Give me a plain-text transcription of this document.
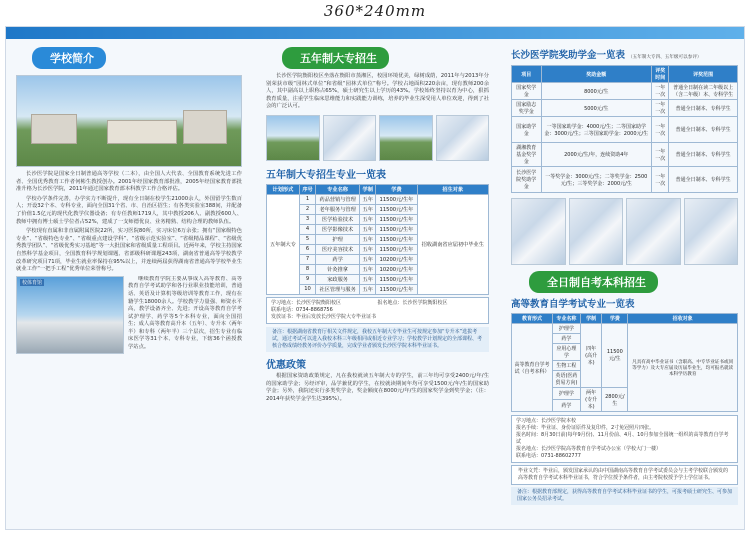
360*240mm
学校简介

长沙医学院是国家全日制普通高等学校（二本），由全国人大代表、全国教育系统先进工作者、全国优秀教育工作者何彬生教授创办。2001年经国家教育部批准，2005年经国家教育部批准升格为长沙医学院，2011年通过国家教育部本科教学工作合格评估。

学校办学条件完善，办学实力不断提升，现有全日制在校学生21000余人，外国留学生数百人；开设32个本、专科专业，面向全国31个省、市、自治区招生；有各类实验室388间，并配备了价值1.5亿元的现代化教学仪器设备；有专任教师1719人，其中教授206人、副教授600人、教师中拥有博士硕士学位者占52%，建成了一支师德优良、业务精熟、结构合理的教师队伍。

学校现有直属和非直属附属医院22所，实习医院80所，实习床位6万余张；拥有“国家级特色专业”、“省级特色专业”、“省级重点建设学科”、“省级示范实验室”、“省级精品课程”、“省级优秀教学团队”、“省级优秀实习基地”等一大批国家和省级质量工程项目。近两年来，学校主持国家自然科学基金项目，全国教育科学规划课题、省部级科研课题243项，湖南省普通高等学校教学改革研究项目71项，毕业生就业率保持在95%以上，并连续两届获得湖南省普通高等学校毕业生就业工作“一把手工程”优秀单位荣誉称号。

校体育馆

继续教育学院主要从事成人高等教育、高等教育自学考试助学和各行业职业技能培训，普通话、英语及计算机等级培训等教育工作，现有在籍学生18000余人。学校教学力量强、师资水平高，教学设备齐全、先进；开设高等教育自学考试护理学、药学等5个本科专业，面向全国招生；成人高等教育高升本（五年）、专升本（两年半）和专科（两年半）三个层次，招生专业有临床医学等31个本、专科专业，下辖36个函授教学站点。

五年制大专招生

长沙医学院衡阳校区坐落在衡阳市蒸湘区，校园环境优美，绿树成荫，2011年与2013年分别荣获市级“园林式单位”和省级“园林式单位”称号。学校占地面积220余亩，现有教师200余人，其中副高以上职称占65%，硕士研究生以上学历的43%。学校始终坚持以育为中心，狠抓教育质量，注重学生临床思维能力和实践能力训练，培养的毕业生深受用人单位欢迎，得到了社会的广泛认可。

五年制大专招生专业一览表
计划形式	序号	专业名称	学制	学费	招生对象
五年制大专	1	药品营销与管理	五年	11500元/生年	招收湖南省应届初中毕业生
	2	老年服务与管理	五年	11500元/生年	
	3	医学检验技术	五年	11500元/生年	
	4	医学影像技术	五年	11500元/生年	
	5	护理	五年	11500元/生年	
	6	医疗美容技术	五年	11500元/生年	
	7	药学	五年	10200元/生年	
	8	针灸推拿	五年	10200元/生年	
	9	家政服务	五年	11500元/生年	
	10	社区管理与服务	五年	11500元/生年	
学习地点：长沙医学院衡阳校区	报名地点：长沙医学院衡阳校区
联系电话：0734-8868756
发放证书：毕业后发放长沙医学院大专毕业证书
备注：根据湖南省教育厅相关文件规定，我校五年制大专毕业生可按规定参加“专升本”选拔考试，通过考试可以进入我校本科三年级相同或相近专业学习；学校教学计划规定的全部课程、考核合格成绩经教务评价办学质量，完成学业者颁发长沙医学院本科毕业证书。
优惠政策

根据国家资助政策规定，凡在我校就读五年制大专的学生，前三年均可享受2400元/年/生的国家助学金；另经评审，品学兼优的学生，在校就读期间年均可享受1500元/年/生的国家助学金；另外，我院还实行多类奖学金，奖金额度在8000元/年/生的国家奖学金到奖学金；（注：2014年获奖学金学生达395%）。

长沙医学院奖助学金一览表 （五年制大专四、五年级可以参评）
项目	奖助金额	评奖时间	评奖范围
国家奖学金	8000元/生	一年一次	普通全日制在读二年级以上（含二年级）本、专科学生
国家励志奖学金	5000元/生	一年一次	普通全日制本、专科学生
国家助学金	一等国家助学金：4000元/生；二等国家助学金：3000元/生；三等国家助学金：2000元/生	一年一次	普通全日制本、专科学生
湖湘教育基金奖学金	2000元/生/年，连续资助4年	一年一次	普通全日制本、专科学生
长沙医学院奖助学金	一等奖学金：3000元/生；二等奖学金：2500元/生；三等奖学金：2000元/生	一年一次	普通全日制本、专科学生
全日制自考本科招生
高等教育自学考试专业一览表
教育形式	专业名称	学制	学费	招收对象
高等教育自学考试（自考本科）	护理学	四年(高升本)	11500元/生	凡具有高中毕业证书（含职高、中专毕业证书或同等学力）及大专应届及历届毕业生，均可报名就读本科学历教育
	药学			
	应用心理学			
	生物工程			
	英语(医药贸易方向)			
	护理学	两年(专升本)	2800元/生	
	药学			
学习地点：长沙医学院本校
报名手续：毕业证、身份证原件及复印件，2寸免冠照片四张。
报名时间：8月30日前(每年9月份)、11月份前、4月、10月参加全国统一组织的高等教育自学考试
报名地点：长沙医学院高等教育自学考试办公室（学校大门一楼）
联系电话：0731-88602777
毕业文凭：毕业后，颁发国家承认的由中国湖南高等教育自学考试委员会与主考学校联合颁发的高等教育自学考试本科毕业证书，符合学位授予条件者，由主考院校授予学士学位证书。
备注：根据教育部规定，获得高等教育自学考试本科毕业证书的学生，可报考硕士研究生、可参加国家公务员招录考试。
